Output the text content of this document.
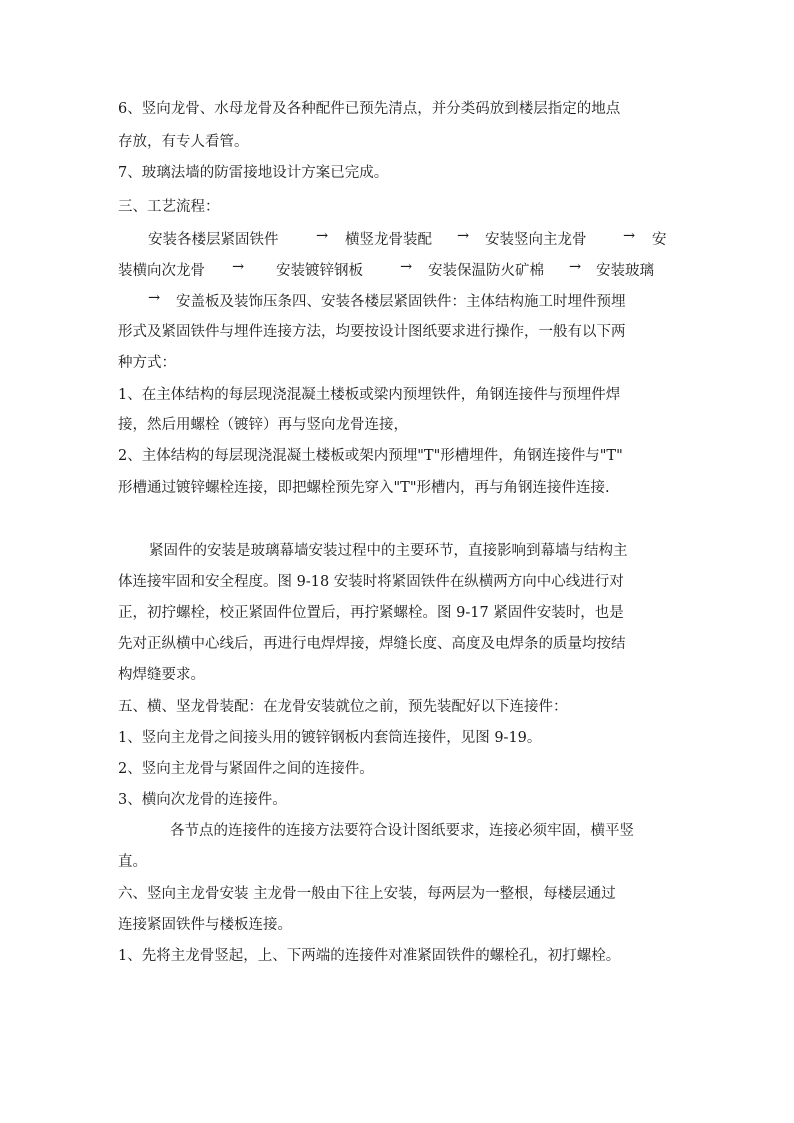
6、竖向龙骨、水母龙骨及各种配件已预先清点，并分类码放到楼层指定的地点
存放，有专人看管。
7、玻璃法墙的防雷接地设计方案已完成。
三、工艺流程：
安装各楼层紧固铁件	→ 横竖龙骨装配 → 安装竖向主龙骨	→ 安
装横向次龙骨 → 安装镀锌钢板	→ 安装保温防火矿棉 → 安装玻璃
→ 安盖板及装饰压条四、安装各楼层紧固铁件：主体结构施工时埋件预埋
形式及紧固铁件与埋件连接方法，均要按设计图纸要求进行操作，一般有以下两
种方式：
1、在主体结构的每层现浇混凝土楼板或梁内预埋铁件，角钢连接件与预埋件焊
接，然后用螺栓（镀锌）再与竖向龙骨连接，
2、主体结构的每层现浇混凝土楼板或架内预埋"T"形槽埋件，角钢连接件与"T"
形槽通过镀锌螺栓连接，即把螺栓预先穿入"T"形槽内，再与角钢连接件连接.
紧固件的安装是玻璃幕墙安装过程中的主要环节，直接影响到幕墙与结构主
体连接牢固和安全程度。图 9-18 安装时将紧固铁件在纵横两方向中心线进行对
正，初拧螺栓，校正紧固件位置后，再拧紧螺栓。图 9-17 紧固件安装时，也是
先对正纵横中心线后，再进行电焊焊接，焊缝长度、高度及电焊条的质量均按结
构焊缝要求。
五、横、坚龙骨装配：在龙骨安装就位之前，预先装配好以下连接件：
1、竖向主龙骨之间接头用的镀锌钢板内套筒连接件，见图 9-19。
2、竖向主龙骨与紧固件之间的连接件。
3、横向次龙骨的连接件。
各节点的连接件的连接方法要符合设计图纸要求，连接必须牢固，横平竖
直。
六、竖向主龙骨安装 主龙骨一般由下往上安装，每两层为一整根，每楼层通过
连接紧固铁件与楼板连接。
1、先将主龙骨竖起，上、下两端的连接件对准紧固铁件的螺栓孔，初打螺栓。
